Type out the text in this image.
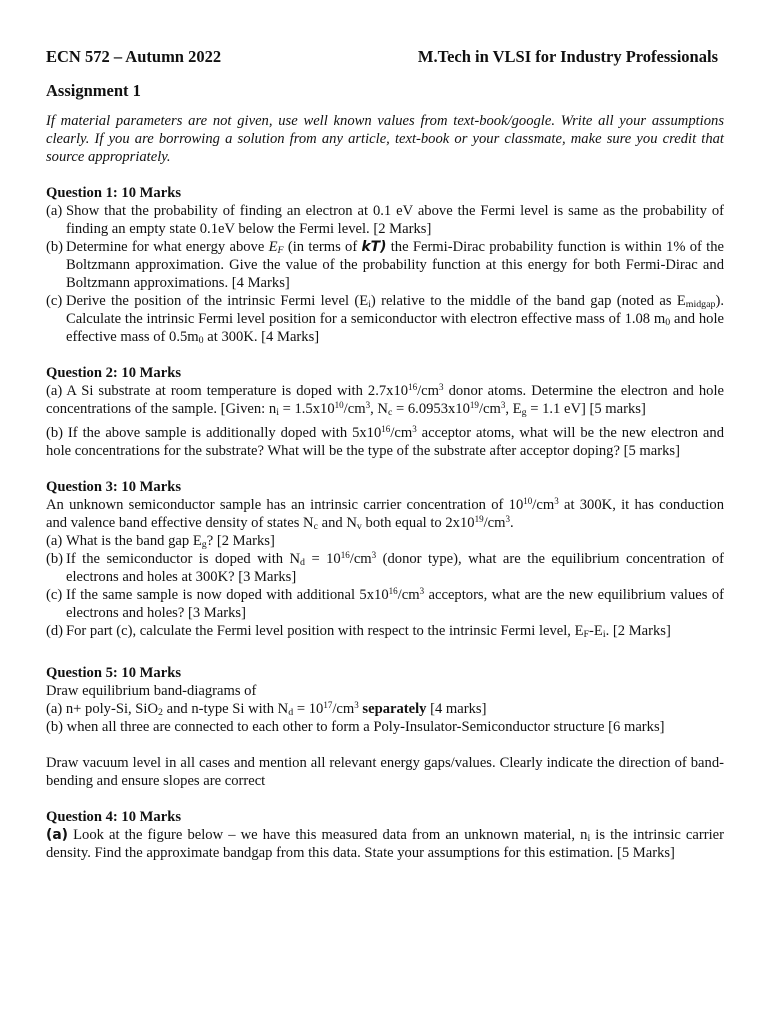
ECN 572 – Autumn 2022	M.Tech in VLSI for Industry Professionals
Assignment 1
If material parameters are not given, use well known values from text-book/google. Write all your assumptions clearly. If you are borrowing a solution from any article, text-book or your classmate, make sure you credit that source appropriately.
Question 1: 10 Marks
(a) Show that the probability of finding an electron at 0.1 eV above the Fermi level is same as the probability of finding an empty state 0.1eV below the Fermi level. [2 Marks]
(b) Determine for what energy above $E_F$ (in terms of kT) the Fermi-Dirac probability function is within 1% of the Boltzmann approximation. Give the value of the probability function at this energy for both Fermi-Dirac and Boltzmann approximations. [4 Marks]
(c) Derive the position of the intrinsic Fermi level $(E_i)$ relative to the middle of the band gap (noted as $E_{midgap}$). Calculate the intrinsic Fermi level position for a semiconductor with electron effective mass of 1.08 $m_0$ and hole effective mass of $0.5m_0$ at 300K. [4 Marks]
Question 2: 10 Marks
(a) A Si substrate at room temperature is doped with $2.7x10^{16}/cm^3$ donor atoms. Determine the electron and hole concentrations of the sample. [Given: $n_i = 1.5x10^{10}/cm^3$, $N_c = 6.0953x10^{19}/cm^3$, $E_g = 1.1$ eV] [5 marks]
(b) If the above sample is additionally doped with $5x10^{16}/cm^3$ acceptor atoms, what will be the new electron and hole concentrations for the substrate? What will be the type of the substrate after acceptor doping? [5 marks]
Question 3: 10 Marks
An unknown semiconductor sample has an intrinsic carrier concentration of $10^{10}/cm^3$ at 300K, it has conduction and valence band effective density of states $N_c$ and $N_v$ both equal to $2x10^{19}/cm^3$.
(a) What is the band gap $E_g$? [2 Marks]
(b) If the semiconductor is doped with $N_d = 10^{16}/cm^3$ (donor type), what are the equilibrium concentration of electrons and holes at 300K? [3 Marks]
(c) If the same sample is now doped with additional $5x10^{16}/cm^3$ acceptors, what are the new equilibrium values of electrons and holes? [3 Marks]
(d) For part (c), calculate the Fermi level position with respect to the intrinsic Fermi level, $E_F-E_i$. [2 Marks]
Question 5: 10 Marks
Draw equilibrium band-diagrams of
(a) n+ poly-Si, SiO$_2$ and n-type Si with $N_d = 10^{17}/cm^3$ separately [4 marks]
(b) when all three are connected to each other to form a Poly-Insulator-Semiconductor structure [6 marks]
Draw vacuum level in all cases and mention all relevant energy gaps/values. Clearly indicate the direction of band-bending and ensure slopes are correct
Question 4: 10 Marks
(a) Look at the figure below – we have this measured data from an unknown material, $n_i$ is the intrinsic carrier density. Find the approximate bandgap from this data. State your assumptions for this estimation. [5 Marks]
